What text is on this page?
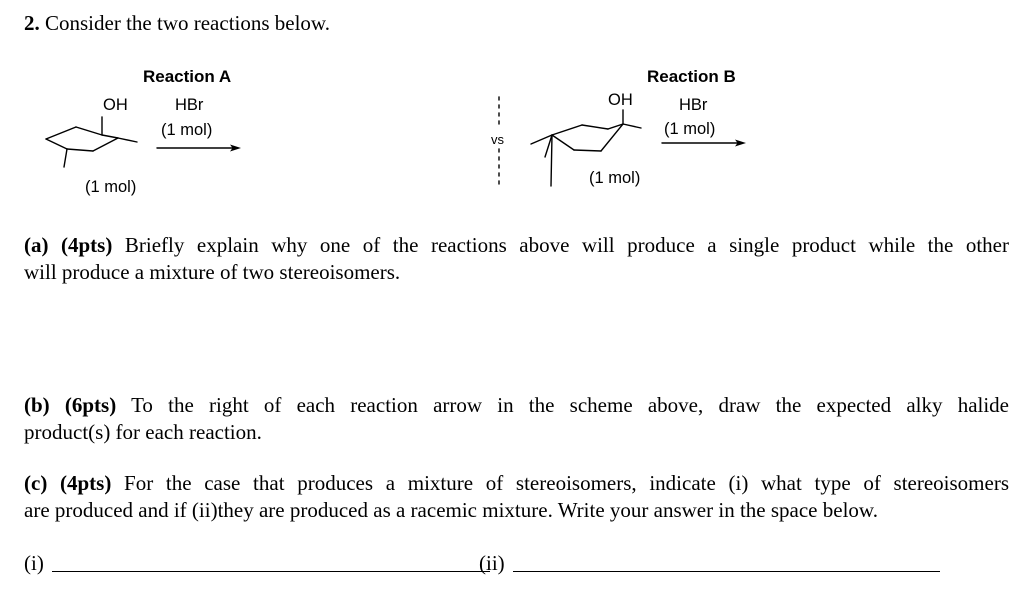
2. Consider the two reactions below.
Reaction A
OH	HBr
(1 mol)
(1 mol)
vs
Reaction B
OH	HBr
(1 mol)
(1 mol)
(a) (4pts) Briefly explain why one of the reactions above will produce a single product while the other
will produce a mixture of two stereoisomers.
(b) (6pts) To the right of each reaction arrow in the scheme above, draw the expected alky halide
product(s) for each reaction.
(c) (4pts) For the case that produces a mixture of stereoisomers, indicate (i) what type of stereoisomers
are produced and if (ii)they are produced as a racemic mixture. Write your answer in the space below.
(i)	(ii)
